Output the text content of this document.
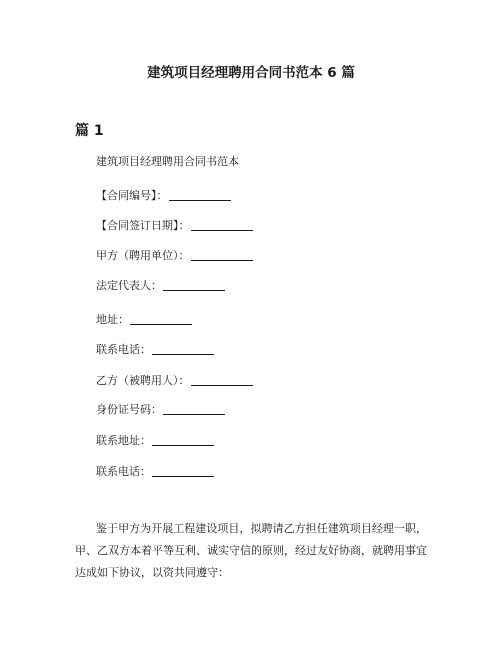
建筑项目经理聘用合同书范本 6 篇
篇 1
建筑项目经理聘用合同书范本
【合同编号】：
【合同签订日期】：
甲方（聘用单位）：
法定代表人：
地址：
联系电话：
乙方（被聘用人）：
身份证号码：
联系地址：
联系电话：

鉴于甲方为开展工程建设项目，拟聘请乙方担任建筑项目经理一职，甲、乙双方本着平等互利、诚实守信的原则，经过友好协商，就聘用事宜达成如下协议，以资共同遵守：
